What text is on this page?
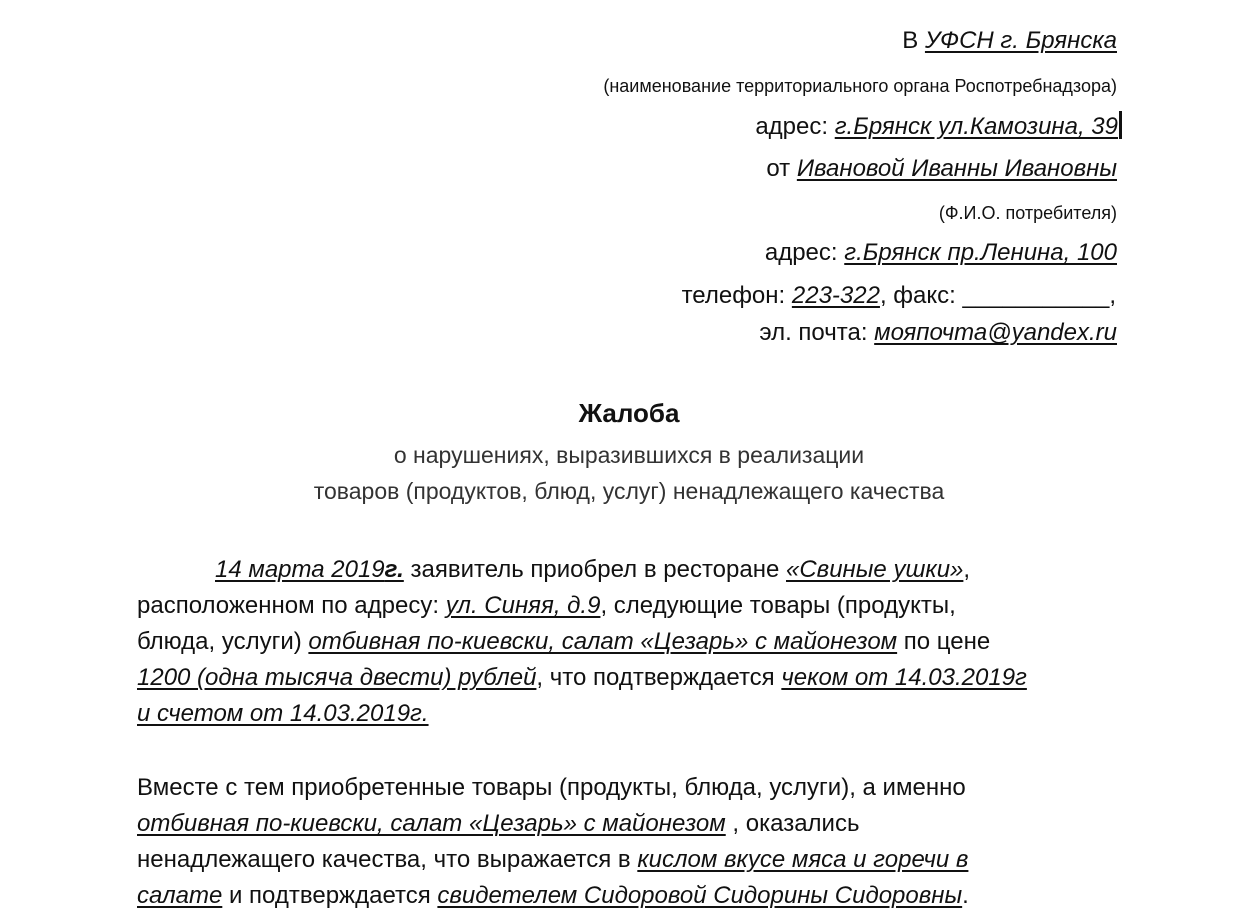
В УФСН г. Брянска
(наименование территориального органа Роспотребнадзора)
адрес: г.Брянск ул.Камозина, 39
от Ивановой Иванны Ивановны
(Ф.И.О. потребителя)
адрес: г.Брянск пр.Ленина, 100
телефон: 223-322, факс: ___________,
эл. почта: мояпочта@yandex.ru
Жалоба
о нарушениях, выразившихся в реализации
товаров (продуктов, блюд, услуг) ненадлежащего качества
14 марта 2019г. заявитель приобрел в ресторане «Свиные ушки»,
расположенном по адресу: ул. Синяя, д.9, следующие товары (продукты,
блюда, услуги) отбивная по-киевски, салат «Цезарь» с майонезом по цене
1200 (одна тысяча двести) рублей, что подтверждается чеком от 14.03.2019г
и счетом от 14.03.2019г.
Вместе с тем приобретенные товары (продукты, блюда, услуги), а именно
отбивная по-киевски, салат «Цезарь» с майонезом , оказались
ненадлежащего качества, что выражается в кислом вкусе мяса и горечи в
салате и подтверждается свидетелем Сидоровой Сидорины Сидоровны.
